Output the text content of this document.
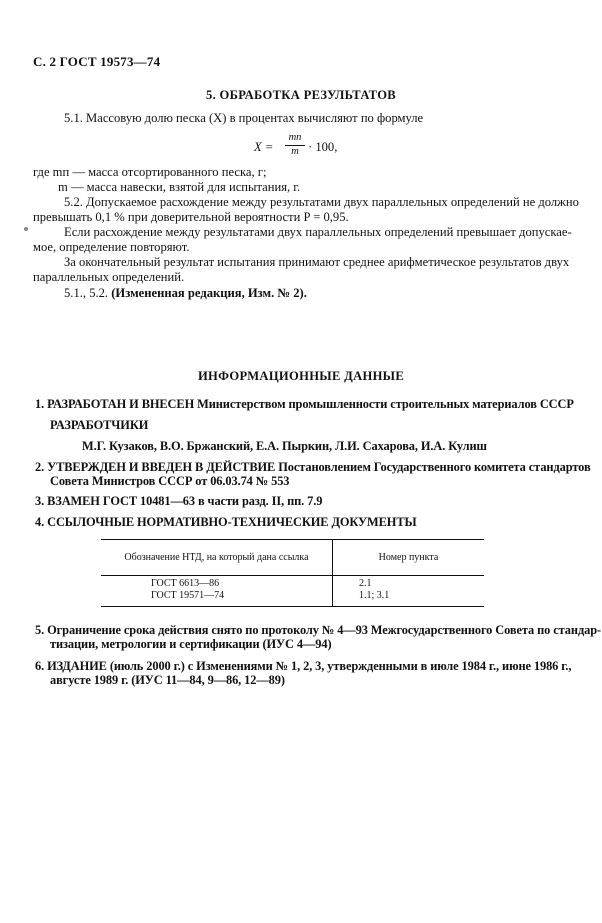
С. 2 ГОСТ 19573—74
5. ОБРАБОТКА РЕЗУЛЬТАТОВ
5.1. Массовую долю песка (X) в процентах вычисляют по формуле
X =
mп
m · 100,
где mп — масса отсортированного песка, г;
m — масса навески, взятой для испытания, г.
5.2. Допускаемое расхождение между результатами двух параллельных определений не должно
превышать 0,1 % при доверительной вероятности P = 0,95.
Если расхождение между результатами двух параллельных определений превышает допускае-
мое, определение повторяют.
За окончательный результат испытания принимают среднее арифметическое результатов двух
параллельных определений.
5.1., 5.2. (Измененная редакция, Изм. № 2).
ИНФОРМАЦИОННЫЕ ДАННЫЕ
1. РАЗРАБОТАН И ВНЕСЕН Министерством промышленности строительных материалов СССР
РАЗРАБОТЧИКИ
М.Г. Кузаков, В.О. Бржанский, Е.А. Пыркин, Л.И. Сахарова, И.А. Кулиш
2. УТВЕРЖДЕН И ВВЕДЕН В ДЕЙСТВИЕ Постановлением Государственного комитета стандартов
Совета Министров СССР от 06.03.74 № 553
3. ВЗАМЕН ГОСТ 10481—63 в части разд. II, пп. 7.9
4. ССЫЛОЧНЫЕ НОРМАТИВНО-ТЕХНИЧЕСКИЕ ДОКУМЕНТЫ
Обозначение НТД, на который дана ссылка	Номер пункта
ГОСТ 6613—86	2.1
ГОСТ 19571—74	1.1; 3.1
5. Ограничение срока действия снято по протоколу № 4—93 Межгосударственного Совета по стандар-
тизации, метрологии и сертификации (ИУС 4—94)
6. ИЗДАНИЕ (июль 2000 г.) с Изменениями № 1, 2, 3, утвержденными в июле 1984 г., июне 1986 г.,
августе 1989 г. (ИУС 11—84, 9—86, 12—89)
